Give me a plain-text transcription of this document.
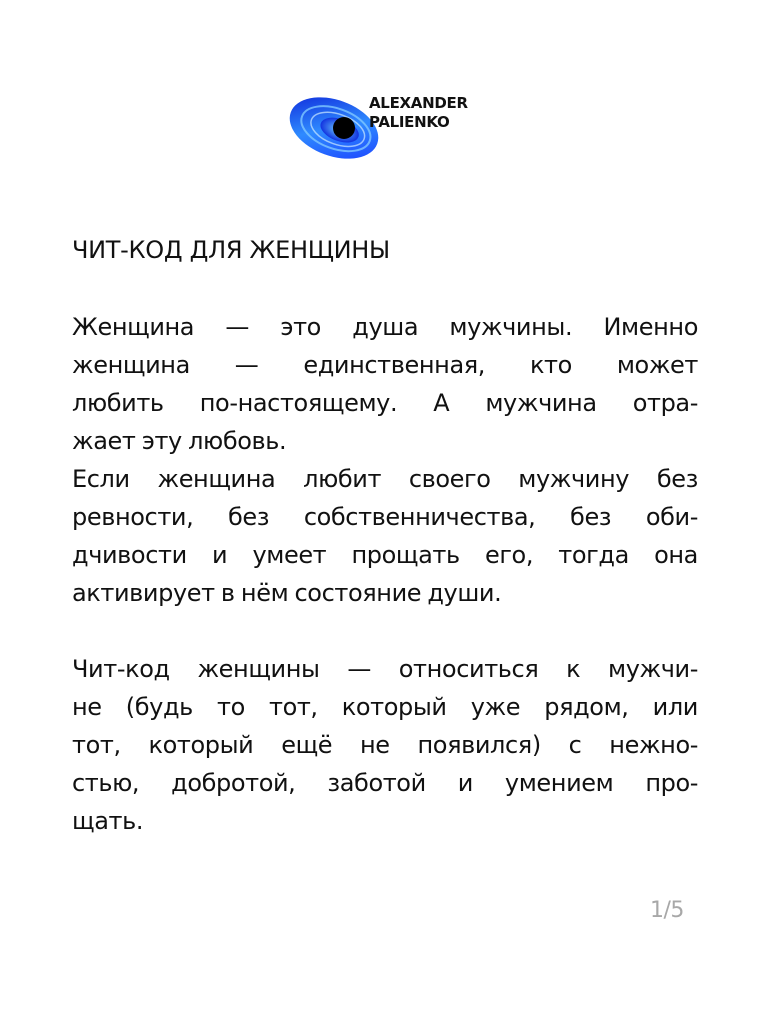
ALEXANDER
PALIENKO
ЧИТ-КОД ДЛЯ ЖЕНЩИНЫ

Женщина — это душа мужчины. Именно
женщина — единственная, кто может
любить по-настоящему. А мужчина отра-
жает эту любовь.

Если женщина любит своего мужчину без
ревности, без собственничества, без оби-
дчивости и умеет прощать его, тогда она
активирует в нём состояние души.

Чит-код женщины — относиться к мужчи-
не (будь то тот, который уже рядом, или
тот, который ещё не появился) с нежно-
стью, добротой, заботой и умением про-
щать.

1/5
